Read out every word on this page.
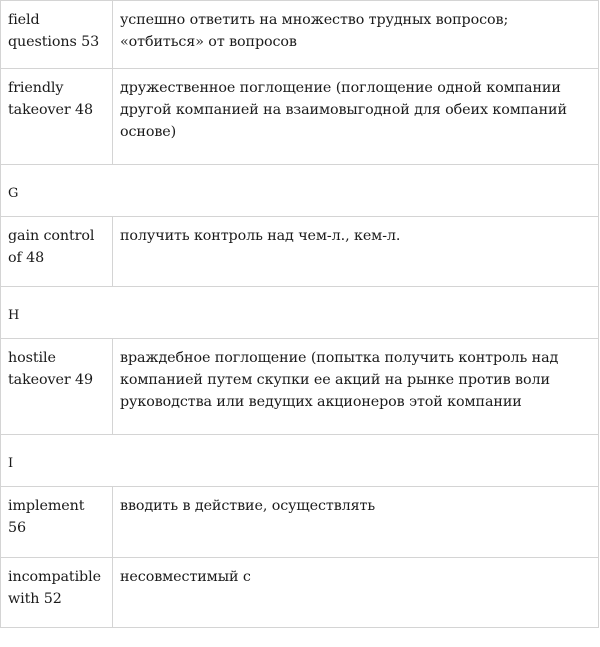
field questions 53	успешно ответить на множество трудных вопросов; «отбиться» от вопросов
friendly takeover 48	дружественное поглощение (поглощение одной компании другой компанией на взаимовыгодной для обеих компаний основе)
G	
gain control of 48	получить контроль над чем-л., кем-л.
H	
hostile takeover 49	враждебное поглощение (попытка получить контроль над компанией путем скупки ее акций на рынке против воли руководства или ведущих акционеров этой компании
I	
implement 56	вводить в действие, осуществлять
incompatible with 52	несовместимый с
